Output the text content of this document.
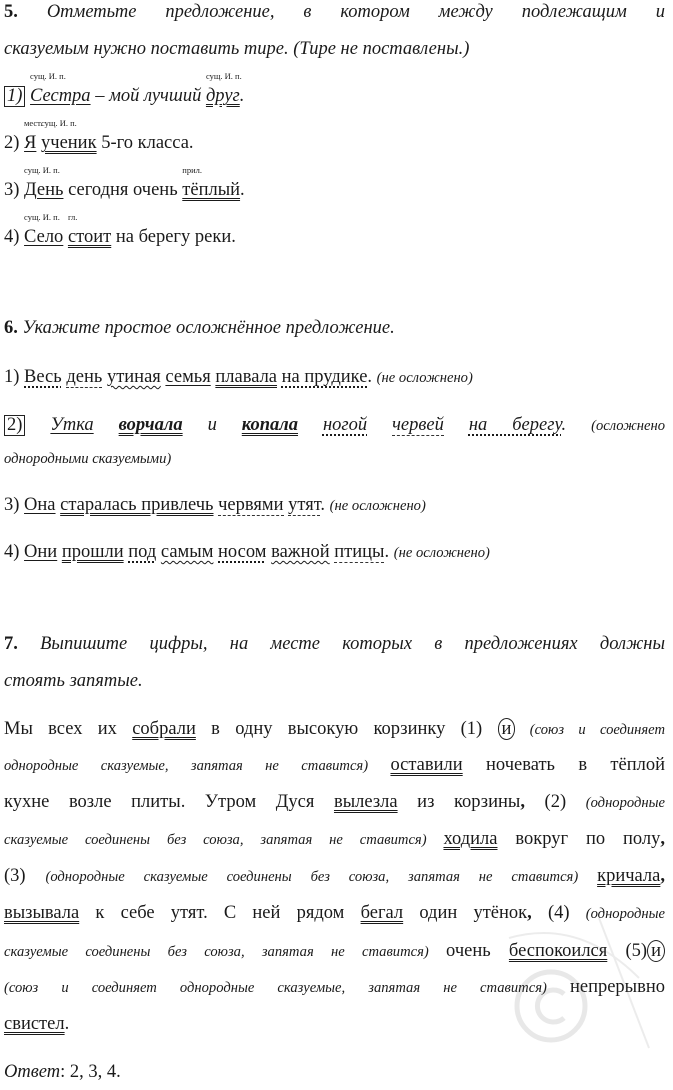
5. Отметьте предложение, в котором между подлежащим и
сказуемым нужно поставить тире. (Тире не поставлены.)
1)
сущ. И. п.
Сестра – мой лучший
сущ. И. п.
друг.
2)
мест.
Я
сущ. И. п.
ученик 5-го класса.
3)
сущ. И. п.
День сегодня очень
прил.
тёплый.
4)
сущ. И. п.
Село
гл.
стоит на берегу реки.
6. Укажите простое осложнённое предложение.
1) Весь день утиная семья плавала на прудике. (не осложнено)
2) Утка ворчала и копала ногой червей на берегу. (осложнено
однородными сказуемыми)
3) Она старалась привлечь червями утят. (не осложнено)
4) Они прошли под самым носом важной птицы. (не осложнено)
7. Выпишите цифры, на месте которых в предложениях должны
стоять запятые.
Мы всех их собрали в одну высокую корзинку (1) и (союз и соединяет
однородные сказуемые, запятая не ставится) оставили ночевать в тёплой
кухне возле плиты. Утром Дуся вылезла из корзины, (2) (однородные
сказуемые соединены без союза, запятая не ставится) ходила вокруг по полу,
(3) (однородные сказуемые соединены без союза, запятая не ставится) кричала,
вызывала к себе утят. С ней рядом бегал один утёнок, (4) (однородные
сказуемые соединены без союза, запятая не ставится) очень беспокоился (5) и
(союз и соединяет однородные сказуемые, запятая не ставится) непрерывно
свистел.
Ответ: 2, 3, 4.
